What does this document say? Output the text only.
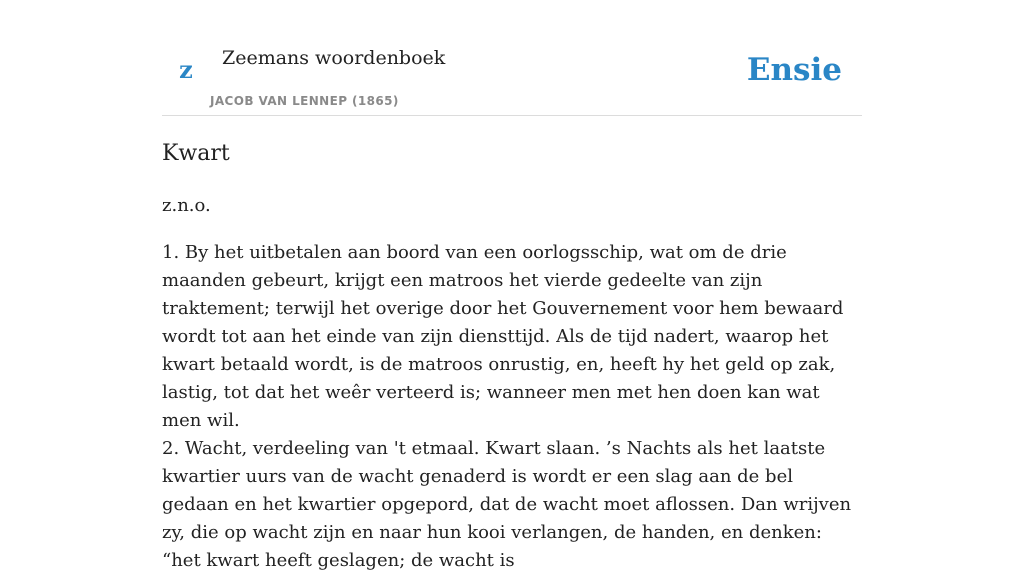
z Zeemans woordenboek
JACOB VAN LENNEP (1865)
Ensie
Kwart
z.n.o.

1. By het uitbetalen aan boord van een oorlogsschip, wat om de drie maanden gebeurt, krijgt een matroos het vierde gedeelte van zijn traktement; terwijl het overige door het Gouvernement voor hem bewaard wordt tot aan het einde van zijn diensttijd. Als de tijd nadert, waarop het kwart betaald wordt, is de matroos onrustig, en, heeft hy het geld op zak, lastig, tot dat het weêr verteerd is; wanneer men met hen doen kan wat men wil.

2. Wacht, verdeeling van 't etmaal. Kwart slaan. ’s Nachts als het laatste kwartier uurs van de wacht genaderd is wordt er een slag aan de bel gedaan en het kwartier opgepord, dat de wacht moet aflossen. Dan wrijven zy, die op wacht zijn en naar hun kooi verlangen, de handen, en denken: “het kwart heeft geslagen; de wacht is
